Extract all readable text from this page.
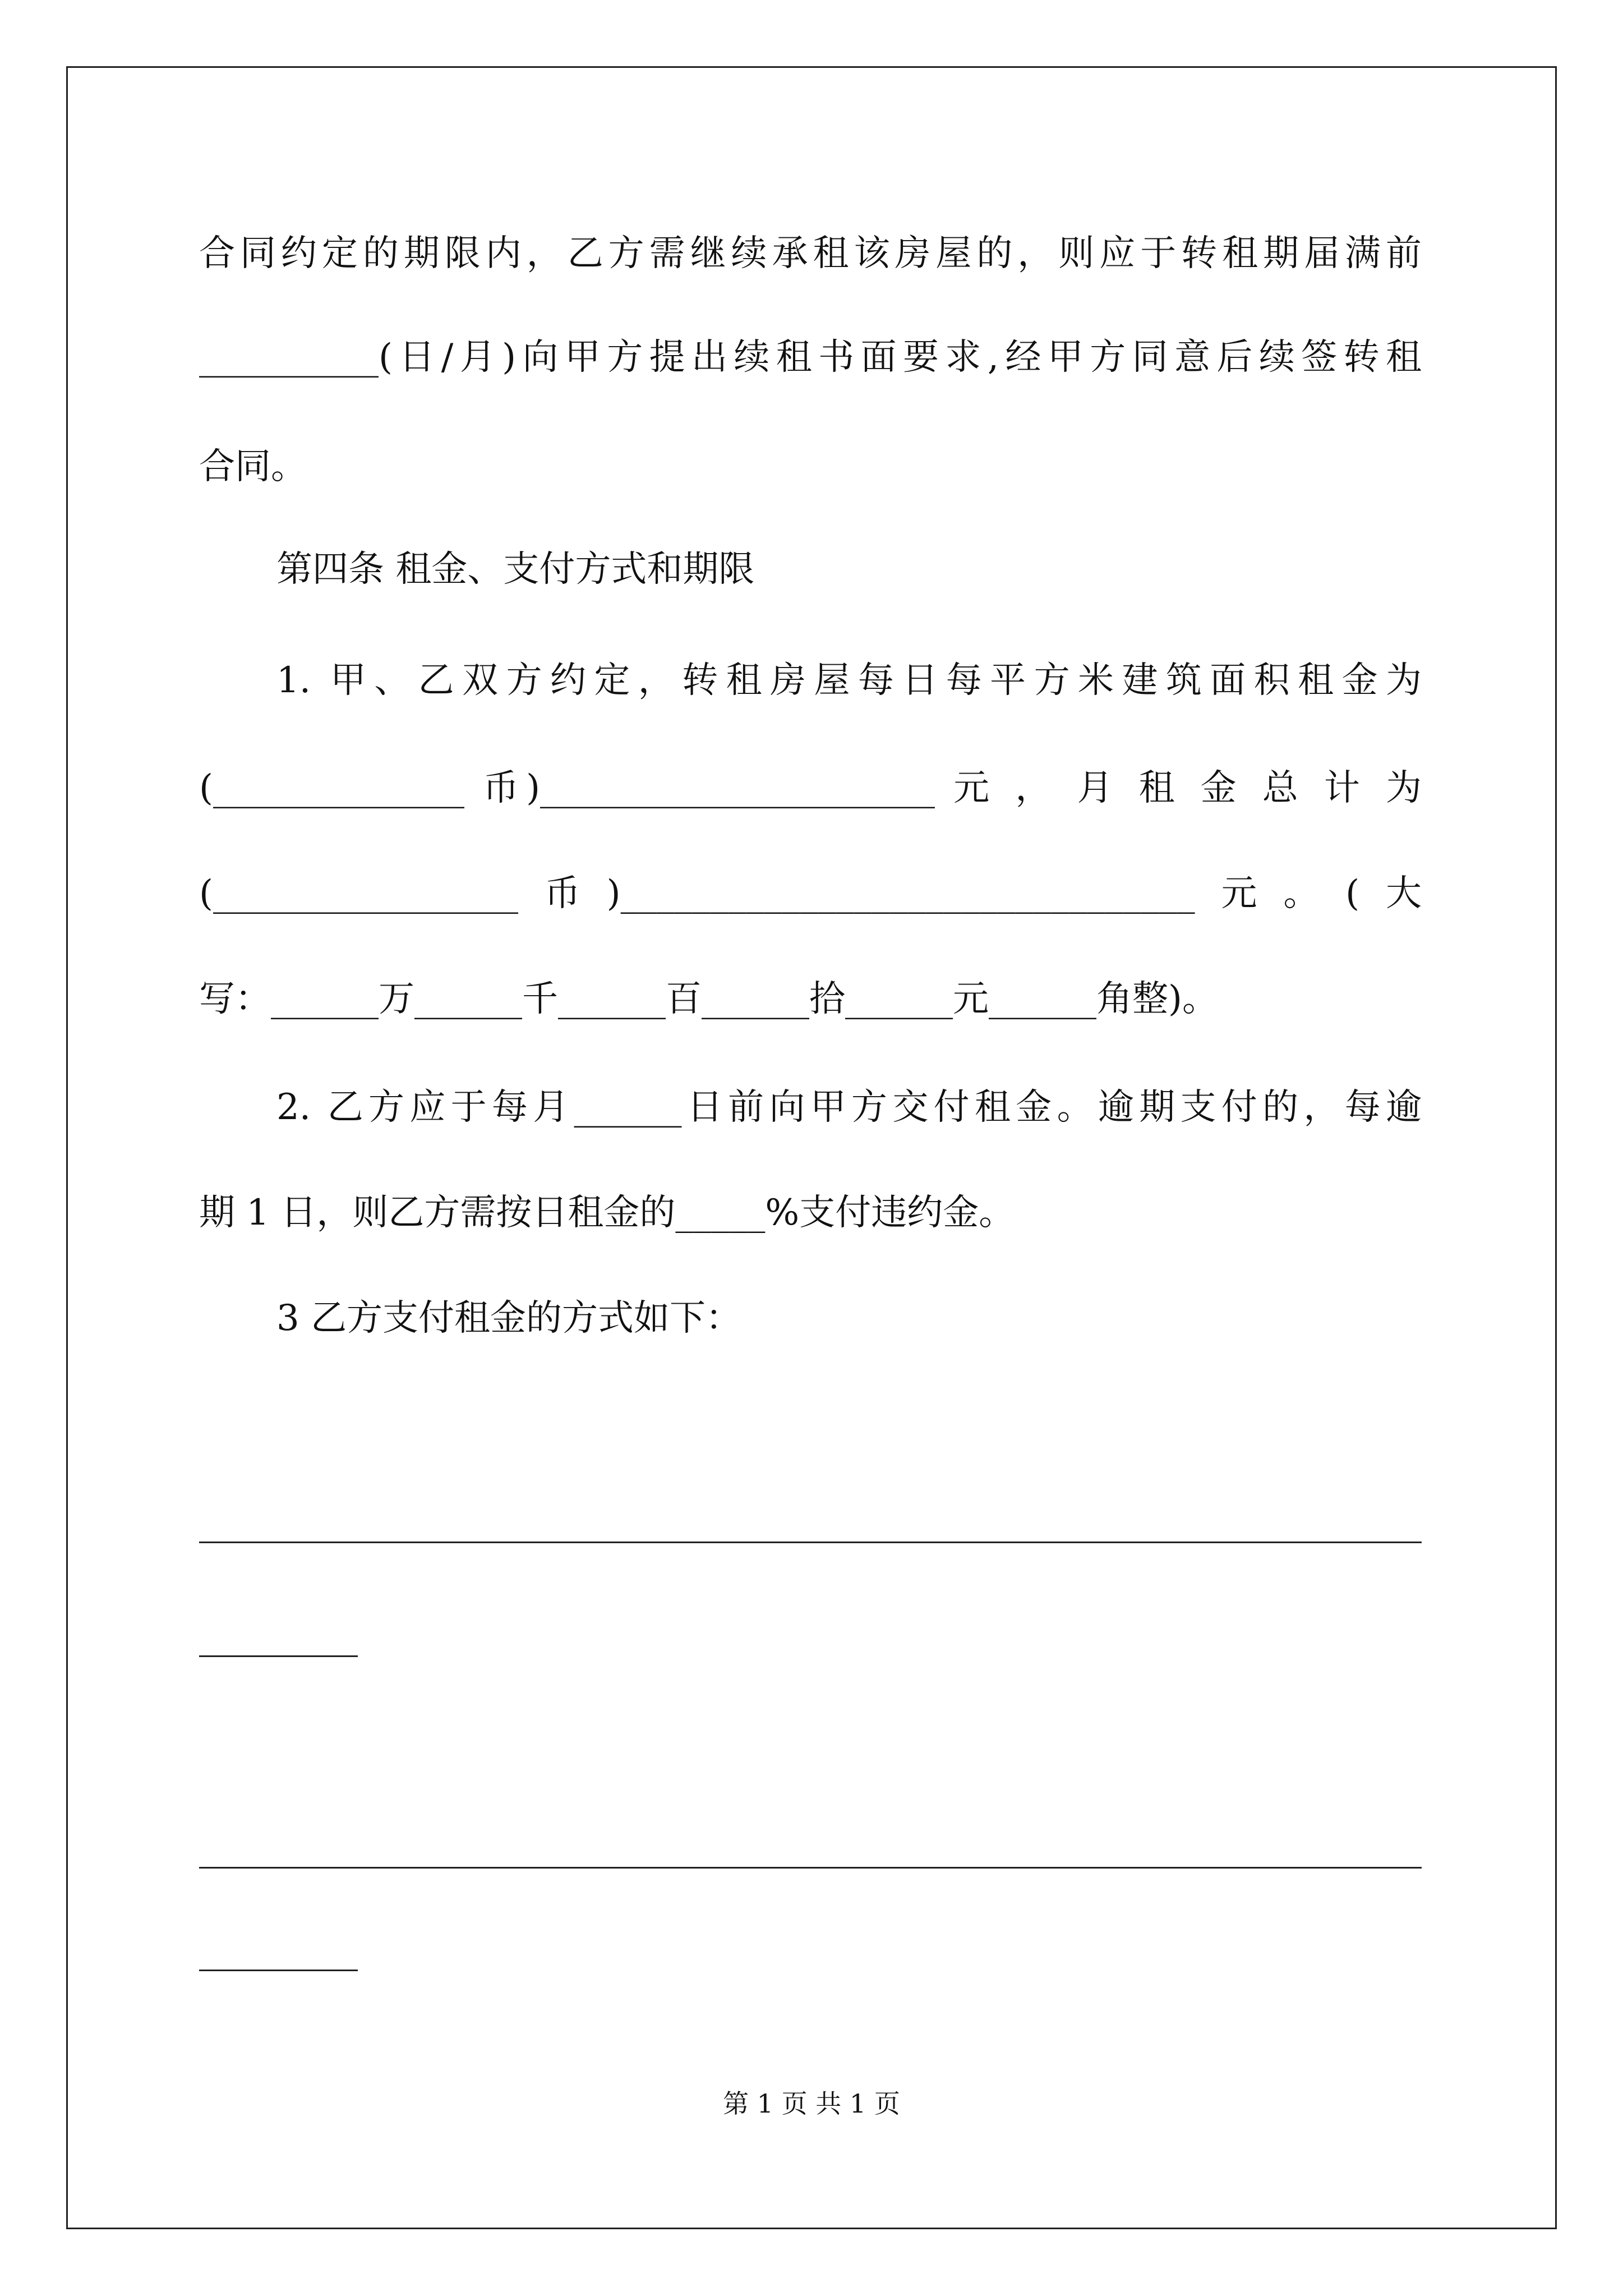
合同约定的期限内，乙方需继续承租该房屋的，则应于转租期届满前
__________(日/月)向甲方提出续租书面要求,经甲方同意后续签转租
合同。
第四条 租金、支付方式和期限
1. 甲、乙双方约定，转租房屋每日每平方米建筑面积租金为
(______________ 币)______________________ 元 ， 月 租 金 总 计 为
(_________________币)________________________________元。(大
写：______万______千______百______拾______元______角整)。
2. 乙方应于每月______日前向甲方交付租金。逾期支付的，每逾
期 1 日，则乙方需按日租金的_____%支付违约金。
3 乙方支付租金的方式如下：
第 1 页 共 1 页
